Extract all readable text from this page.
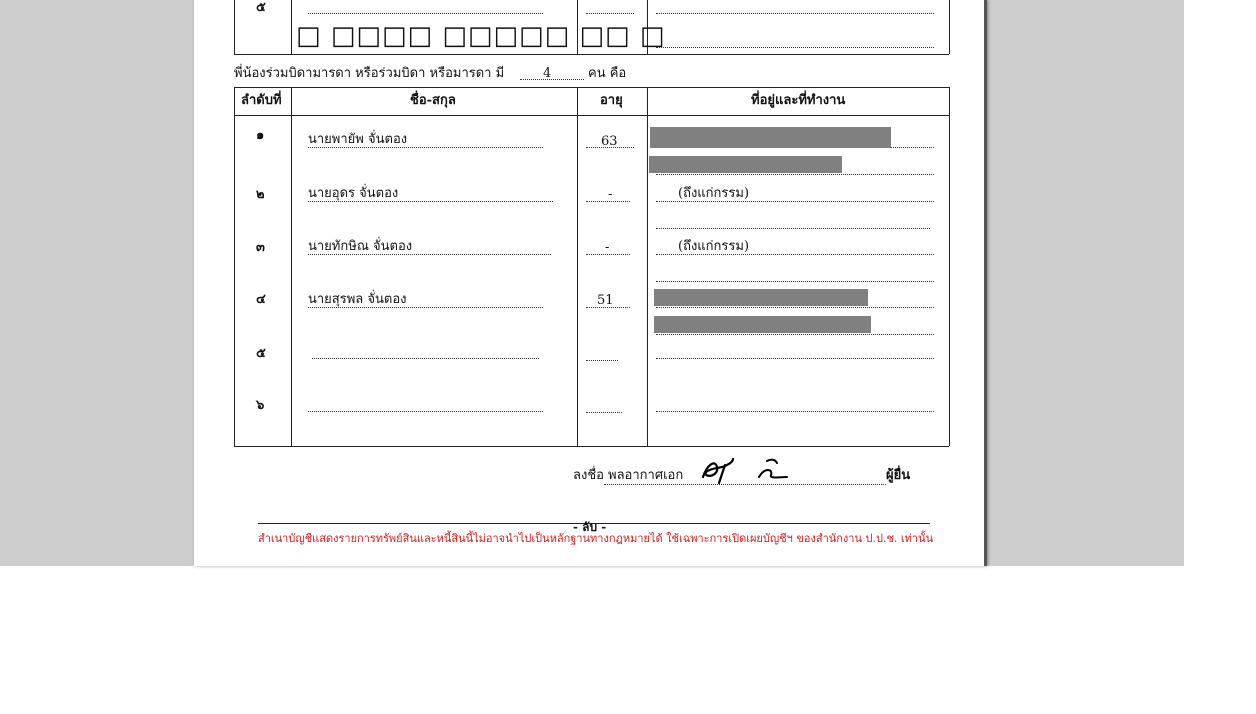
๕
□ □□□□ □□□□□ □□ □
พี่น้องร่วมบิดามารดา หรือร่วมบิดา หรือมารดา มี	4	คน คือ
ลำดับที่	ชื่อ-สกุล	อายุ	ที่อยู่และที่ทำงาน
๑	นายพายัพ จั่นตอง	63
๒	นายอุดร จั่นตอง	-	(ถึงแก่กรรม)
๓	นายทักษิณ จั่นตอง	-	(ถึงแก่กรรม)
๔	นายสุรพล จั่นตอง	51
๕
๖
ลงชื่อ พลอากาศเอก	ผู้ยื่น
- ลับ -
สำเนาบัญชีแสดงรายการทรัพย์สินและหนี้สินนี้ไม่อาจนำไปเป็นหลักฐานทางกฎหมายได้ ใช้เฉพาะการเปิดเผยบัญชีฯ ของสำนักงาน ป.ป.ช. เท่านั้น
